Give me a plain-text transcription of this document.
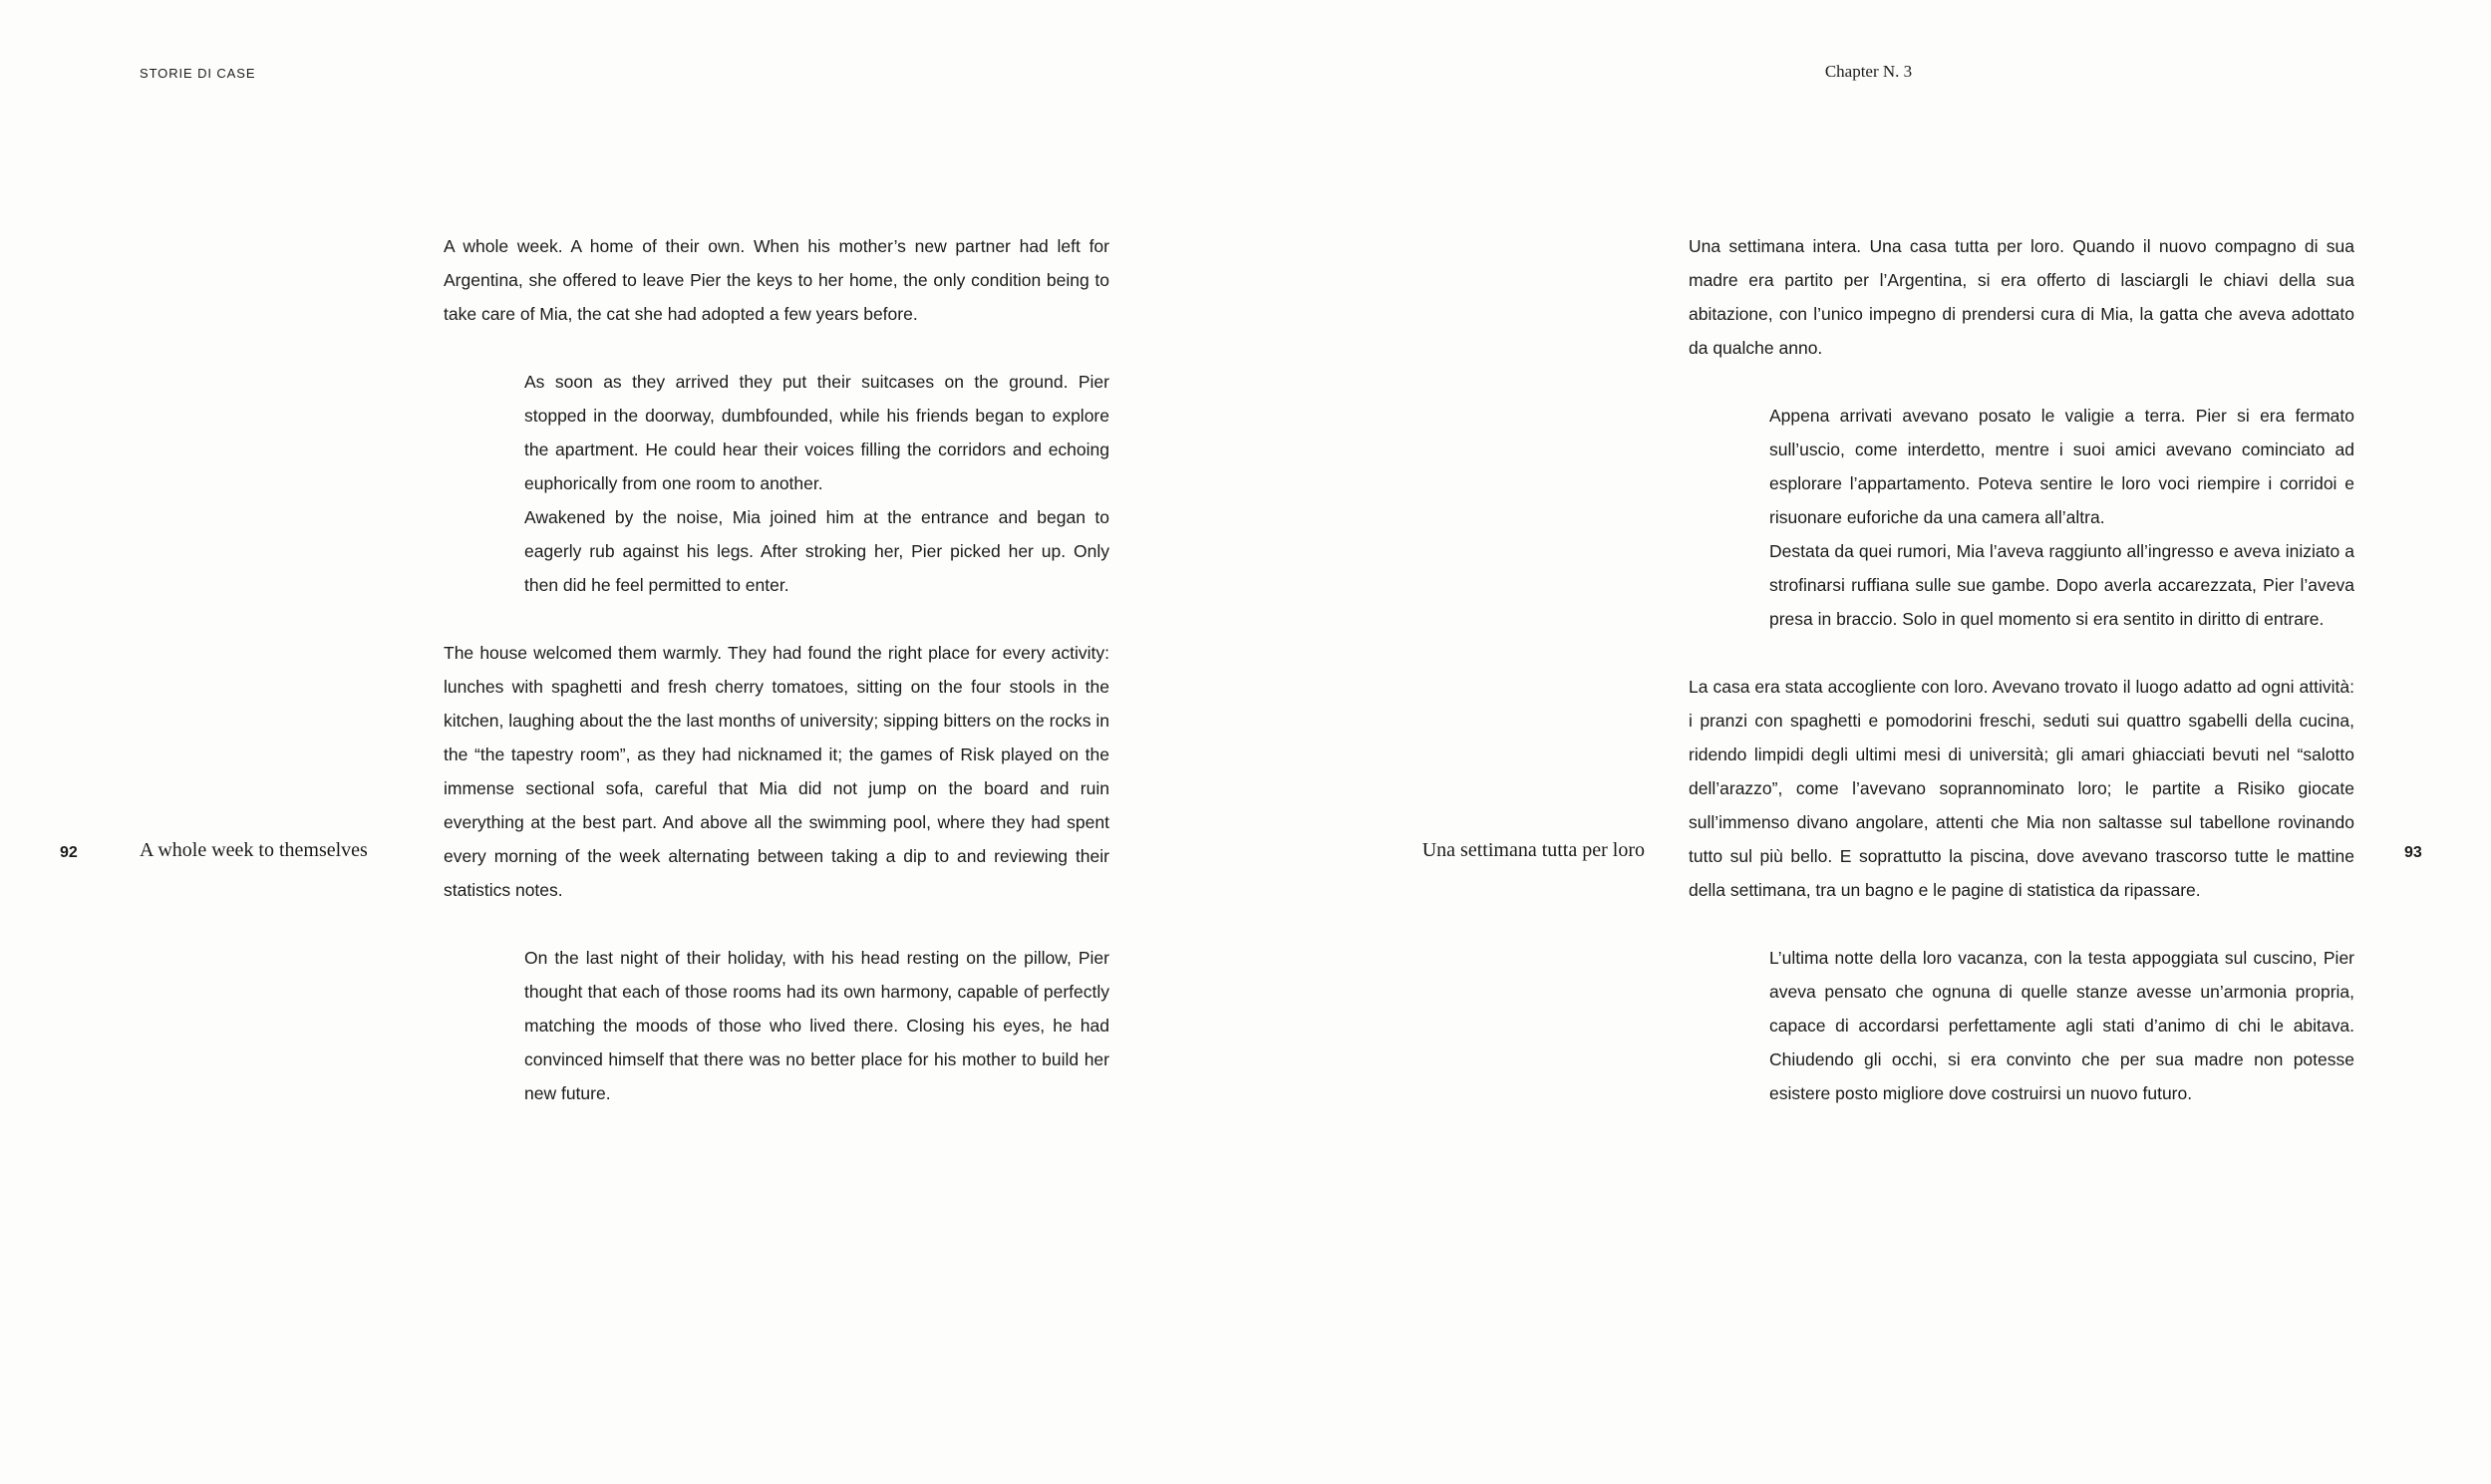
STORIE DI CASE	Chapter N. 3
92	A whole week to themselves

A whole week. A home of their own. When his mother’s new partner had left for Argentina, she offered to leave Pier the keys to her home, the only condition being to take care of Mia, the cat she had adopted a few years before.

As soon as they arrived they put their suitcases on the ground. Pier stopped in the doorway, dumbfounded, while his friends began to explore the apartment. He could hear their voices filling the corridors and echoing euphorically from one room to another.

Awakened by the noise, Mia joined him at the entrance and began to eagerly rub against his legs. After stroking her, Pier picked her up. Only then did he feel permitted to enter.

The house welcomed them warmly. They had found the right place for every activity: lunches with spaghetti and fresh cherry tomatoes, sitting on the four stools in the kitchen, laughing about the the last months of university; sipping bitters on the rocks in the “the tapestry room”, as they had nicknamed it; the games of Risk played on the immense sectional sofa, careful that Mia did not jump on the board and ruin everything at the best part. And above all the swimming pool, where they had spent every morning of the week alternating between taking a dip to and reviewing their statistics notes.

On the last night of their holiday, with his head resting on the pillow, Pier thought that each of those rooms had its own harmony, capable of perfectly matching the moods of those who lived there. Closing his eyes, he had convinced himself that there was no better place for his mother to build her new future.

Una settimana tutta per loro

Una settimana intera. Una casa tutta per loro. Quando il nuovo compagno di sua madre era partito per l’Argentina, si era offerto di lasciargli le chiavi della sua abitazione, con l’unico impegno di prendersi cura di Mia, la gatta che aveva adottato da qualche anno.

Appena arrivati avevano posato le valigie a terra. Pier si era fermato sull’uscio, come interdetto, mentre i suoi amici avevano cominciato ad esplorare l’appartamento. Poteva sentire le loro voci riempire i corridoi e risuonare euforiche da una camera all’altra.

Destata da quei rumori, Mia l’aveva raggiunto all’ingresso e aveva iniziato a strofinarsi ruffiana sulle sue gambe. Dopo averla accarezzata, Pier l’aveva presa in braccio. Solo in quel momento si era sentito in diritto di entrare.

La casa era stata accogliente con loro. Avevano trovato il luogo adatto ad ogni attività: i pranzi con spaghetti e pomodorini freschi, seduti sui quattro sgabelli della cucina, ridendo limpidi degli ultimi mesi di università; gli amari ghiacciati bevuti nel “salotto dell’arazzo”, come l’avevano soprannominato loro; le partite a Risiko giocate sull’immenso divano angolare, attenti che Mia non saltasse sul tabellone rovinando tutto sul più bello. E soprattutto la piscina, dove avevano trascorso tutte le mattine della settimana, tra un bagno e le pagine di statistica da ripassare.

L’ultima notte della loro vacanza, con la testa appoggiata sul cuscino, Pier aveva pensato che ognuna di quelle stanze avesse un’armonia propria, capace di accordarsi perfettamente agli stati d’animo di chi le abitava. Chiudendo gli occhi, si era convinto che per sua madre non potesse esistere posto migliore dove costruirsi un nuovo futuro.

93
